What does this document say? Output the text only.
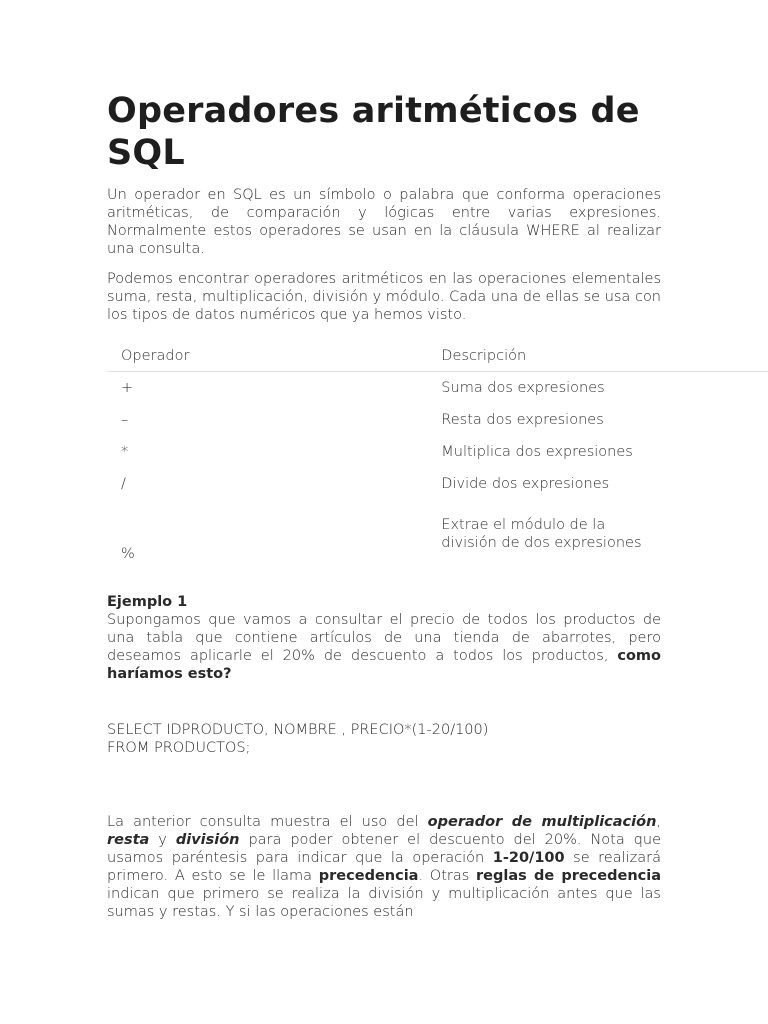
Operadores aritméticos de SQL

Un operador en SQL es un símbolo o palabra que conforma operaciones aritméticas, de comparación y lógicas entre varias expresiones. Normalmente estos operadores se usan en la cláusula WHERE al realizar una consulta.

Podemos encontrar operadores aritméticos en las operaciones elementales suma, resta, multiplicación, división y módulo. Cada una de ellas se usa con los tipos de datos numéricos que ya hemos visto.

Operador	Descripción
+	Suma dos expresiones
–	Resta dos expresiones
*	Multiplica dos expresiones
/	Divide dos expresiones
%	Extrae el módulo de la división de dos expresiones
Ejemplo 1

Supongamos que vamos a consultar el precio de todos los productos de una tabla que contiene artículos de una tienda de abarrotes, pero deseamos aplicarle el 20% de descuento a todos los productos, como haríamos esto?

SELECT IDPRODUCTO, NOMBRE , PRECIO*(1-20/100)
FROM PRODUCTOS;

La anterior consulta muestra el uso del operador de multiplicación, resta y división para poder obtener el descuento del 20%. Nota que usamos paréntesis para indicar que la operación 1-20/100 se realizará primero. A esto se le llama precedencia. Otras reglas de precedencia indican que primero se realiza la división y multiplicación antes que las sumas y restas. Y si las operaciones están
